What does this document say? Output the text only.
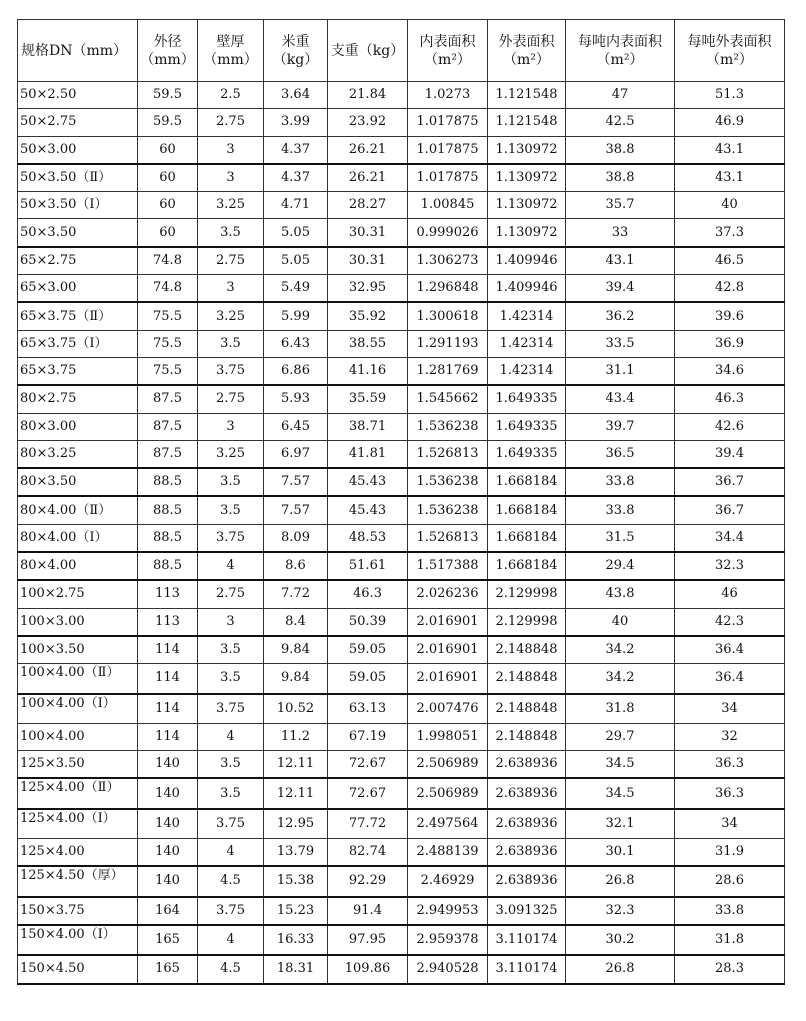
规格DN（mm）	外径（mm）	壁厚（mm）	米重（kg）	支重（kg）	内表面积（m²）	外表面积（m²）	每吨内表面积（m²）	每吨外表面积（m²）
50×2.50	59.5	2.5	3.64	21.84	1.0273	1.121548	47	51.3
50×2.75	59.5	2.75	3.99	23.92	1.017875	1.121548	42.5	46.9
50×3.00	60	3	4.37	26.21	1.017875	1.130972	38.8	43.1
50×3.50（Ⅱ）	60	3	4.37	26.21	1.017875	1.130972	38.8	43.1
50×3.50（Ⅰ）	60	3.25	4.71	28.27	1.00845	1.130972	35.7	40
50×3.50	60	3.5	5.05	30.31	0.999026	1.130972	33	37.3
65×2.75	74.8	2.75	5.05	30.31	1.306273	1.409946	43.1	46.5
65×3.00	74.8	3	5.49	32.95	1.296848	1.409946	39.4	42.8
65×3.75（Ⅱ）	75.5	3.25	5.99	35.92	1.300618	1.42314	36.2	39.6
65×3.75（Ⅰ）	75.5	3.5	6.43	38.55	1.291193	1.42314	33.5	36.9
65×3.75	75.5	3.75	6.86	41.16	1.281769	1.42314	31.1	34.6
80×2.75	87.5	2.75	5.93	35.59	1.545662	1.649335	43.4	46.3
80×3.00	87.5	3	6.45	38.71	1.536238	1.649335	39.7	42.6
80×3.25	87.5	3.25	6.97	41.81	1.526813	1.649335	36.5	39.4
80×3.50	88.5	3.5	7.57	45.43	1.536238	1.668184	33.8	36.7
80×4.00（Ⅱ）	88.5	3.5	7.57	45.43	1.536238	1.668184	33.8	36.7
80×4.00（Ⅰ）	88.5	3.75	8.09	48.53	1.526813	1.668184	31.5	34.4
80×4.00	88.5	4	8.6	51.61	1.517388	1.668184	29.4	32.3
100×2.75	113	2.75	7.72	46.3	2.026236	2.129998	43.8	46
100×3.00	113	3	8.4	50.39	2.016901	2.129998	40	42.3
100×3.50	114	3.5	9.84	59.05	2.016901	2.148848	34.2	36.4
100×4.00（Ⅱ）	114	3.5	9.84	59.05	2.016901	2.148848	34.2	36.4
100×4.00（Ⅰ）	114	3.75	10.52	63.13	2.007476	2.148848	31.8	34
100×4.00	114	4	11.2	67.19	1.998051	2.148848	29.7	32
125×3.50	140	3.5	12.11	72.67	2.506989	2.638936	34.5	36.3
125×4.00（Ⅱ）	140	3.5	12.11	72.67	2.506989	2.638936	34.5	36.3
125×4.00（Ⅰ）	140	3.75	12.95	77.72	2.497564	2.638936	32.1	34
125×4.00	140	4	13.79	82.74	2.488139	2.638936	30.1	31.9
125×4.50（厚）	140	4.5	15.38	92.29	2.46929	2.638936	26.8	28.6
150×3.75	164	3.75	15.23	91.4	2.949953	3.091325	32.3	33.8
150×4.00（Ⅰ）	165	4	16.33	97.95	2.959378	3.110174	30.2	31.8
150×4.50	165	4.5	18.31	109.86	2.940528	3.110174	26.8	28.3
